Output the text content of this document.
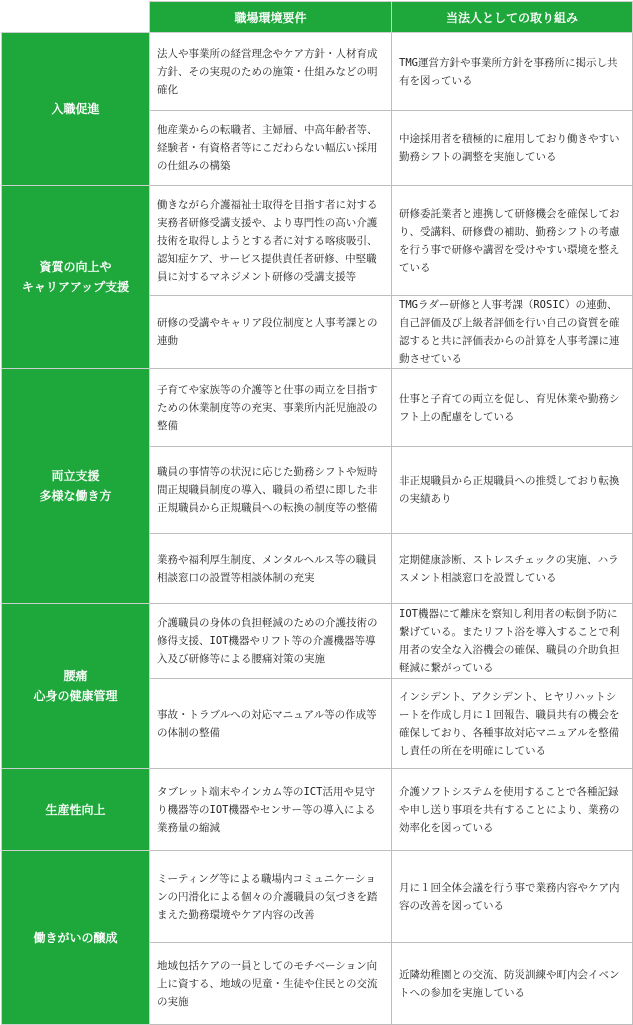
	職場環境要件	当法人としての取り組み
入職促進	法人や事業所の経営理念やケア方針・人材育成方針、その実現のための施策・仕組みなどの明確化	TMG運営方針や事業所方針を事務所に掲示し共有を図っている
	他産業からの転職者、主婦層、中高年齢者等、経験者・有資格者等にこだわらない幅広い採用の仕組みの構築	中途採用者を積極的に雇用しており働きやすい勤務シフトの調整を実施している
資質の向上や
キャリアアップ支援	働きながら介護福祉士取得を目指す者に対する実務者研修受講支援や、より専門性の高い介護技術を取得しようとする者に対する喀痰吸引、認知症ケア、サービス提供責任者研修、中堅職員に対するマネジメント研修の受講支援等	研修委託業者と連携して研修機会を確保しており、受講料、研修費の補助、勤務シフトの考慮を行う事で研修や講習を受けやすい環境を整えている
	研修の受講やキャリア段位制度と人事考課との連動	TMGラダー研修と人事考課（ROSIC）の連動、自己評価及び上級者評価を行い自己の資質を確認すると共に評価表からの計算を人事考課に連動させている
両立支援
多様な働き方	子育てや家族等の介護等と仕事の両立を目指すための休業制度等の充実、事業所内託児施設の整備	仕事と子育ての両立を促し、育児休業や勤務シフト上の配慮をしている
	職員の事情等の状況に応じた勤務シフトや短時間正規職員制度の導入、職員の希望に即した非正規職員から正規職員への転換の制度等の整備	非正規職員から正規職員への推奨しており転換の実績あり
	業務や福利厚生制度、メンタルヘルス等の職員相談窓口の設置等相談体制の充実	定期健康診断、ストレスチェックの実施、ハラスメント相談窓口を設置している
腰痛
心身の健康管理	介護職員の身体の負担軽減のための介護技術の修得支援、IOT機器やリフト等の介護機器等導入及び研修等による腰痛対策の実施	IOT機器にて離床を察知し利用者の転倒予防に繋げている。またリフト浴を導入することで利用者の安全な入浴機会の確保、職員の介助負担軽減に繋がっている
	事故・トラブルへの対応マニュアル等の作成等の体制の整備	インシデント、アクシデント、ヒヤリハットシートを作成し月に１回報告、職員共有の機会を確保しており、各種事故対応マニュアルを整備し責任の所在を明確にしている
生産性向上	タブレット端末やインカム等のICT活用や見守り機器等のIOT機器やセンサー等の導入による業務量の縮減	介護ソフトシステムを使用することで各種記録や申し送り事項を共有することにより、業務の効率化を図っている
働きがいの醸成	ミーティング等による職場内コミュニケーションの円滑化による個々の介護職員の気づきを踏まえた勤務環境やケア内容の改善	月に１回全体会議を行う事で業務内容やケア内容の改善を図っている
	地域包括ケアの一員としてのモチベーション向上に資する、地域の児童・生徒や住民との交流の実施	近隣幼稚園との交流、防災訓練や町内会イベントへの参加を実施している
